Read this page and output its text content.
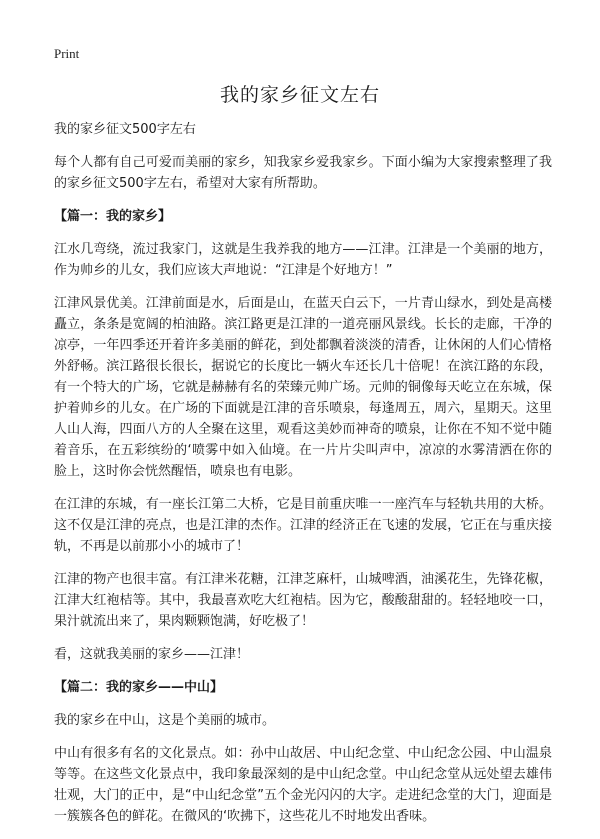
Print
我的家乡征文左右

我的家乡征文500字左右

每个人都有自己可爱而美丽的家乡，知我家乡爱我家乡。下面小编为大家搜索整理了我的家乡征文500字左右，希望对大家有所帮助。

【篇一：我的家乡】

江水几弯绕，流过我家门，这就是生我养我的地方——江津。江津是一个美丽的地方，作为帅乡的儿女，我们应该大声地说：“江津是个好地方！”

江津风景优美。江津前面是水，后面是山，在蓝天白云下，一片青山绿水，到处是高楼矗立，条条是宽阔的柏油路。滨江路更是江津的一道亮丽风景线。长长的走廊，干净的凉亭，一年四季还开着许多美丽的鲜花，到处都飘着淡淡的清香，让休闲的人们心情格外舒畅。滨江路很长很长，据说它的长度比一辆火车还长几十倍呢！在滨江路的东段，有一个特大的广场，它就是赫赫有名的荣臻元帅广场。元帅的铜像每天屹立在东城，保护着帅乡的儿女。在广场的下面就是江津的音乐喷泉，每逢周五，周六，星期天。这里人山人海，四面八方的人全聚在这里，观看这美妙而神奇的喷泉，让你在不知不觉中随着音乐，在五彩缤纷的‘喷雾中如入仙境。在一片片尖叫声中，凉凉的水雾清洒在你的脸上，这时你会恍然醒悟，喷泉也有电影。

在江津的东城，有一座长江第二大桥，它是目前重庆唯一一座汽车与轻轨共用的大桥。这不仅是江津的亮点，也是江津的杰作。江津的经济正在飞速的发展，它正在与重庆接轨，不再是以前那小小的城市了！

江津的物产也很丰富。有江津米花糖，江津芝麻杆，山城啤酒，油溪花生，先锋花椒，江津大红袍桔等。其中，我最喜欢吃大红袍桔。因为它，酸酸甜甜的。轻轻地咬一口，果汁就流出来了，果肉颗颗饱满，好吃极了！

看，这就我美丽的家乡——江津！

【篇二：我的家乡——中山】

我的家乡在中山，这是个美丽的城市。

中山有很多有名的文化景点。如：孙中山故居、中山纪念堂、中山纪念公园、中山温泉等等。在这些文化景点中，我印象最深刻的是中山纪念堂。中山纪念堂从远处望去雄伟壮观，大门的正中，是“中山纪念堂”五个金光闪闪的大字。走进纪念堂的大门，迎面是一簇簇各色的鲜花。在微风的‘吹拂下，这些花儿不时地发出香味。
